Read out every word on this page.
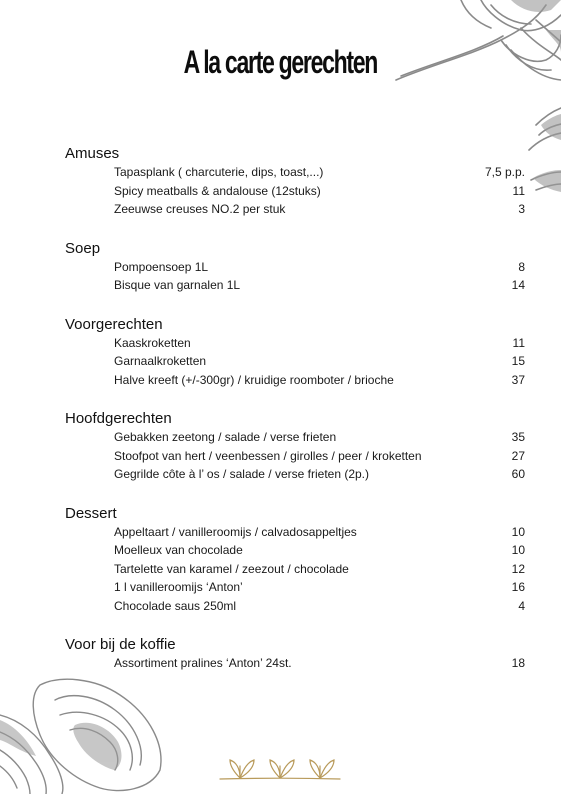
A la carte gerechten
Amuses
Tapasplank ( charcuterie, dips, toast,...)	7,5 p.p.
Spicy meatballs & andalouse (12stuks)	11
Zeeuwse creuses NO.2 per stuk	3
Soep
Pompoensoep 1L	8
Bisque van garnalen 1L	14
Voorgerechten
Kaaskroketten	11
Garnaalkroketten	15
Halve kreeft (+/-300gr) / kruidige roomboter / brioche	37
Hoofdgerechten
Gebakken zeetong / salade / verse frieten	35
Stoofpot van hert / veenbessen / girolles / peer / kroketten	27
Gegrilde côte à l’ os / salade / verse frieten (2p.)	60
Dessert
Appeltaart / vanilleroomijs / calvadosappeltjes	10
Moelleux van chocolade	10
Tartelette van karamel / zeezout / chocolade	12
1 l vanilleroomijs ‘Anton’	16
Chocolade saus 250ml	4
Voor bij de koffie
Assortiment pralines ‘Anton’ 24st.	18
